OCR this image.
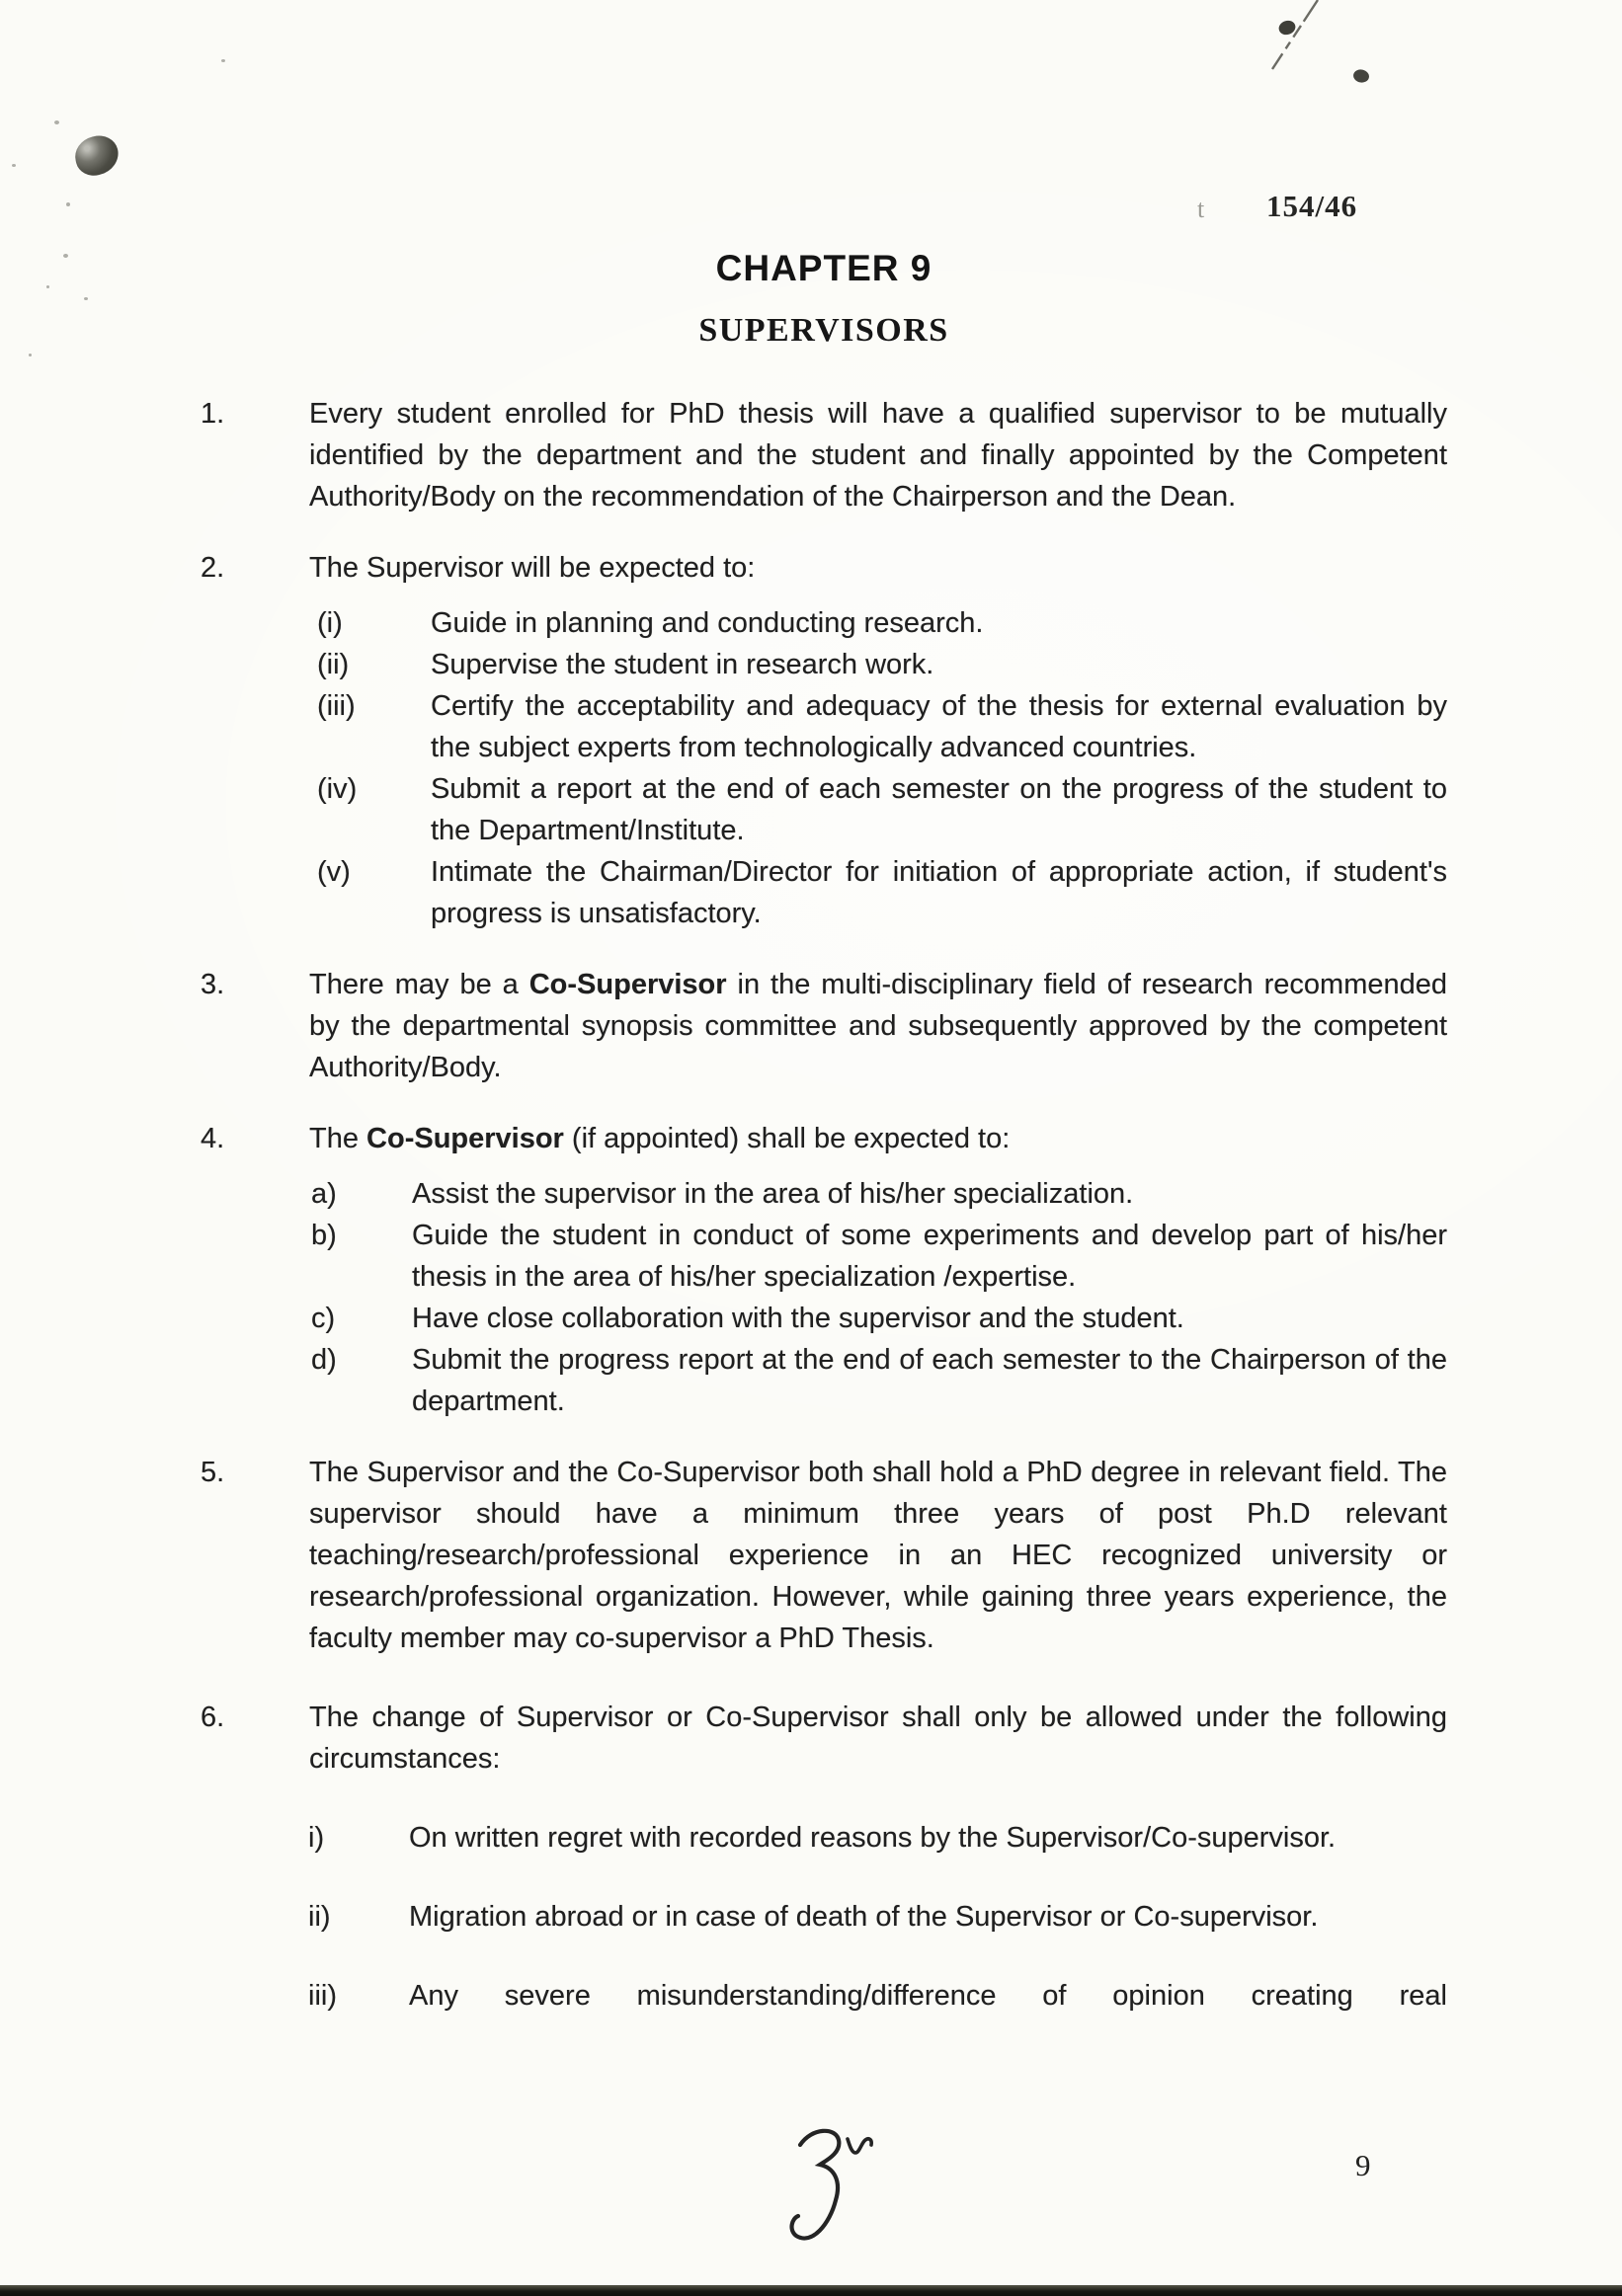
t 154/46
CHAPTER 9
SUPERVISORS
1.	Every student enrolled for PhD thesis will have a qualified supervisor to be mutually identified by the department and the student and finally appointed by the Competent Authority/Body on the recommendation of the Chairperson and the Dean.
2.	The Supervisor will be expected to:
(i)	Guide in planning and conducting research.
(ii)	Supervise the student in research work.
(iii)	Certify the acceptability and adequacy of the thesis for external evaluation by the subject experts from technologically advanced countries.
(iv)	Submit a report at the end of each semester on the progress of the student to the Department/Institute.
(v)	Intimate the Chairman/Director for initiation of appropriate action, if student's progress is unsatisfactory.
3.	There may be a Co-Supervisor in the multi-disciplinary field of research recommended by the departmental synopsis committee and subsequently approved by the competent Authority/Body.
4.	The Co-Supervisor (if appointed) shall be expected to:
a)	Assist the supervisor in the area of his/her specialization.
b)	Guide the student in conduct of some experiments and develop part of his/her thesis in the area of his/her specialization /expertise.
c)	Have close collaboration with the supervisor and the student.
d)	Submit the progress report at the end of each semester to the Chairperson of the department.
5.	The Supervisor and the Co-Supervisor both shall hold a PhD degree in relevant field. The supervisor should have a minimum three years of post Ph.D relevant teaching/research/professional experience in an HEC recognized university or research/professional organization. However, while gaining three years experience, the faculty member may co-supervisor a PhD Thesis.
6.	The change of Supervisor or Co-Supervisor shall only be allowed under the following circumstances:
i)	On written regret with recorded reasons by the Supervisor/Co-supervisor.
ii)	Migration abroad or in case of death of the Supervisor or Co-supervisor.
iii)	Any severe misunderstanding/difference of opinion creating real
9
